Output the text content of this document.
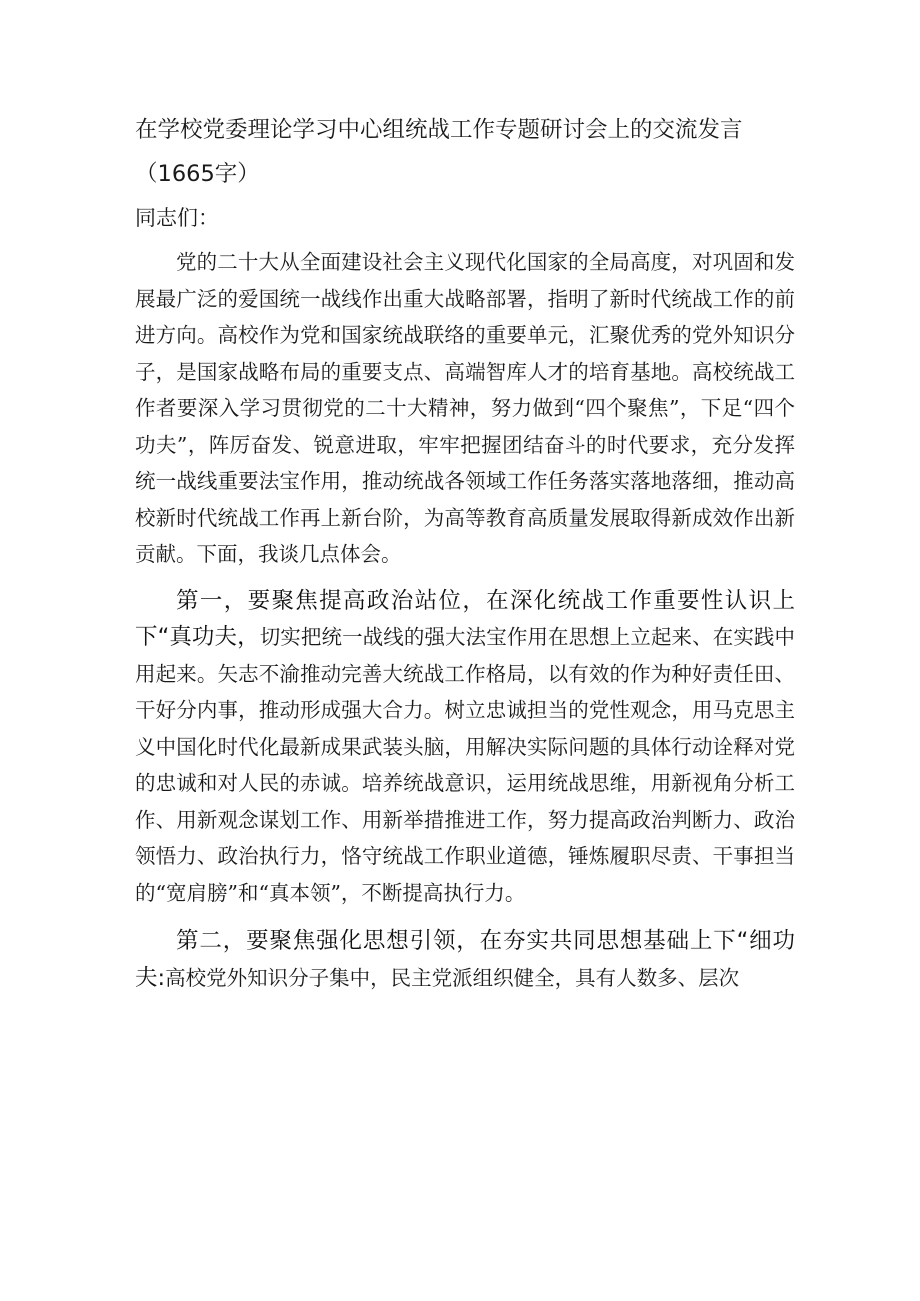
在学校党委理论学习中心组统战工作专题研讨会上的交流发言（1665字）

同志们：

党的二十大从全面建设社会主义现代化国家的全局高度，对巩固和发展最广泛的爱国统一战线作出重大战略部署，指明了新时代统战工作的前进方向。高校作为党和国家统战联络的重要单元，汇聚优秀的党外知识分子，是国家战略布局的重要支点、高端智库人才的培育基地。高校统战工作者要深入学习贯彻党的二十大精神，努力做到“四个聚焦”，下足“四个功夫”，阵厉奋发、锐意进取，牢牢把握团结奋斗的时代要求，充分发挥统一战线重要法宝作用，推动统战各领域工作任务落实落地落细，推动高校新时代统战工作再上新台阶，为高等教育高质量发展取得新成效作出新贡献。下面，我谈几点体会。

第一，要聚焦提高政治站位，在深化统战工作重要性认识上下“真功夫，切实把统一战线的强大法宝作用在思想上立起来、在实践中用起来。矢志不渝推动完善大统战工作格局，以有效的作为种好责任田、干好分内事，推动形成强大合力。树立忠诚担当的党性观念，用马克思主义中国化时代化最新成果武装头脑，用解决实际问题的具体行动诠释对党的忠诚和对人民的赤诚。培养统战意识，运用统战思维，用新视角分析工作、用新观念谋划工作、用新举措推进工作，努力提高政治判断力、政治领悟力、政治执行力，恪守统战工作职业道德，锤炼履职尽责、干事担当的“宽肩膀”和“真本领”，不断提高执行力。

第二，要聚焦强化思想引领，在夯实共同思想基础上下“细功夫:高校党外知识分子集中，民主党派组织健全，具有人数多、层次
